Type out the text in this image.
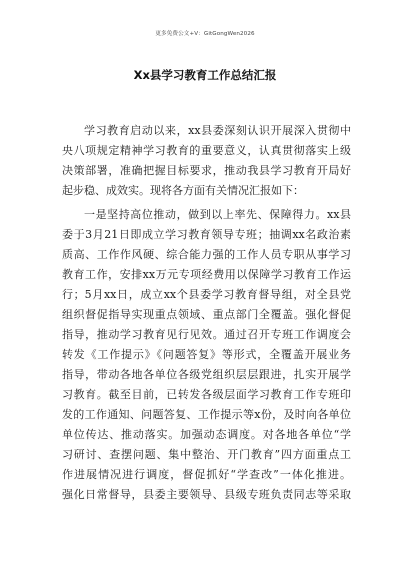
更多免费公文+V：GitGongWen2026
Xx县学习教育工作总结汇报
学习教育启动以来，xx县委深刻认识开展深入贯彻中
央八项规定精神学习教育的重要意义，认真贯彻落实上级
决策部署，准确把握目标要求，推动我县学习教育开局好
起步稳、成效实。现将各方面有关情况汇报如下：
一是坚持高位推动，做到以上率先、保障得力。xx县
委于3月21日即成立学习教育领导专班；抽调xx名政治素
质高、工作作风硬、综合能力强的工作人员专职从事学习
教育工作，安排xx万元专项经费用以保障学习教育工作运
行；5月xx日，成立xx个县委学习教育督导组，对全县党
组织督促指导实现重点领域、重点部门全覆盖。强化督促
指导，推动学习教育见行见效。通过召开专班工作调度会
转发《工作提示》《问题答复》等形式，全覆盖开展业务
指导，带动各地各单位各级党组织层层跟进，扎实开展学
习教育。截至目前，已转发各级层面学习教育工作专班印
发的工作通知、问题答复、工作提示等x份，及时向各单位
单位传达、推动落实。加强动态调度。对各地各单位“学
习研讨、查摆问题、集中整治、开门教育”四方面重点工
作进展情况进行调度，督促抓好“学查改”一体化推进。
强化日常督导，县委主要领导、县级专班负责同志等采取
